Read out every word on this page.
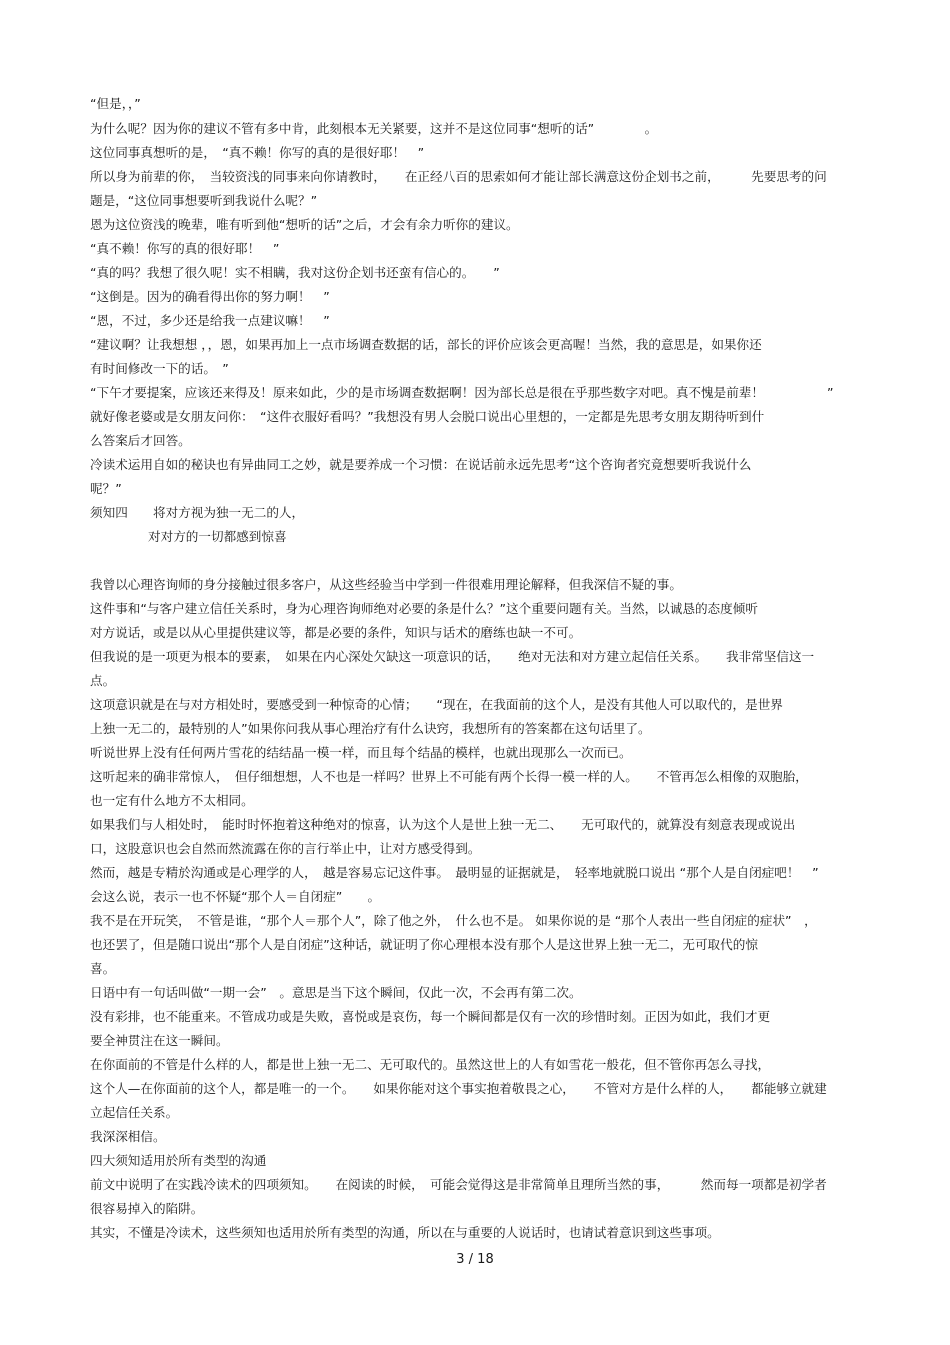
“但是，，”
为什么呢？因为你的建议不管有多中肯，此刻根本无关紧要，这并不是这位同事“想听的话”　　　　。
这位同事真想听的是，　“真不赖！你写的真的是很好耶！　”
所以身为前辈的你，　当较资浅的同事来向你请教时，　　在正经八百的思索如何才能让部长满意这份企划书之前，　　　先要思考的问
题是，“这位同事想要听到我说什么呢？”
恩为这位资浅的晚辈，唯有听到他“想听的话”之后，才会有余力听你的建议。
“真不赖！你写的真的很好耶！　”
“真的吗？我想了很久呢！实不相瞒，我对这份企划书还蛮有信心的。　　”
“这倒是。因为的确看得出你的努力啊！　”
“恩，不过，多少还是给我一点建议嘛！　”
“建议啊？让我想想 ，，恩，如果再加上一点市场调查数据的话，部长的评价应该会更高喔！当然，我的意思是，如果你还
有时间修改一下的话。　”
“下午才要提案，应该还来得及！原来如此，少的是市场调查数据啊！因为部长总是很在乎那些数字对吧。真不愧是前辈！　　　　　”
就好像老婆或是女朋友问你：　“这件衣服好看吗？”我想没有男人会脱口说出心里想的，一定都是先思考女朋友期待听到什
么答案后才回答。
冷读术运用自如的秘诀也有异曲同工之妙，就是要养成一个习惯：在说话前永远先思考“这个咨询者究竟想要听我说什么
呢？”
须知四　　将对方视为独一无二的人，
对对方的一切都感到惊喜
我曾以心理咨询师的身分接触过很多客户，从这些经验当中学到一件很难用理论解释，但我深信不疑的事。
这件事和“与客户建立信任关系时，身为心理咨询师绝对必要的条是什么？”这个重要问题有关。当然，以诚恳的态度倾听
对方说话，或是以从心里提供建议等，都是必要的条件，知识与话术的磨练也缺一不可。
但我说的是一项更为根本的要素，　如果在内心深处欠缺这一项意识的话，　　绝对无法和对方建立起信任关系。　　我非常坚信这一
点。
这项意识就是在与对方相处时，要感受到一种惊奇的心情；　　“现在，在我面前的这个人，是没有其他人可以取代的，是世界
上独一无二的，最特别的人”如果你问我从事心理治疗有什么诀窍，我想所有的答案都在这句话里了。
听说世界上没有任何两片雪花的结结晶一模一样，而且每个结晶的模样，也就出现那么一次而已。
这听起来的确非常惊人，　但仔细想想，人不也是一样吗？世界上不可能有两个长得一模一样的人。　　不管再怎么相像的双胞胎，
也一定有什么地方不太相同。
如果我们与人相处时，　能时时怀抱着这种绝对的惊喜，认为这个人是世上独一无二、　　无可取代的，就算没有刻意表现或说出
口，这股意识也会自然而然流露在你的言行举止中，让对方感受得到。
然而，越是专精於沟通或是心理学的人，　越是容易忘记这件事。　最明显的证据就是，　轻率地就脱口说出 “那个人是自闭症吧！　”
会这么说，表示一也不怀疑“那个人＝自闭症”　　。
我不是在开玩笑，　不管是谁，“那个人＝那个人”，除了他之外，　什么也不是。 如果你说的是 “那个人表出一些自闭症的症状”　，
也还罢了，但是随口说出“那个人是自闭症”这种话，就证明了你心理根本没有那个人是这世界上独一无二，无可取代的惊
喜。
日语中有一句话叫做“一期一会”　。意思是当下这个瞬间，仅此一次，不会再有第二次。
没有彩排，也不能重来。不管成功或是失败，喜悦或是哀伤，每一个瞬间都是仅有一次的珍惜时刻。正因为如此，我们才更
要全神贯注在这一瞬间。
在你面前的不管是什么样的人，都是世上独一无二、无可取代的。虽然这世上的人有如雪花一般花，但不管你再怎么寻找，
这个人—在你面前的这个人，都是唯一的一个。　　如果你能对这个事实抱着敬畏之心，　　不管对方是什么样的人，　　都能够立就建
立起信任关系。
我深深相信。
四大须知适用於所有类型的沟通
前文中说明了在实践冷读术的四项须知。　　在阅读的时候，　可能会觉得这是非常简单且理所当然的事，　　　然而每一项都是初学者
很容易掉入的陷阱。
其实，不懂是冷读术，这些须知也适用於所有类型的沟通，所以在与重要的人说话时，也请试着意识到这些事项。
3 / 18
